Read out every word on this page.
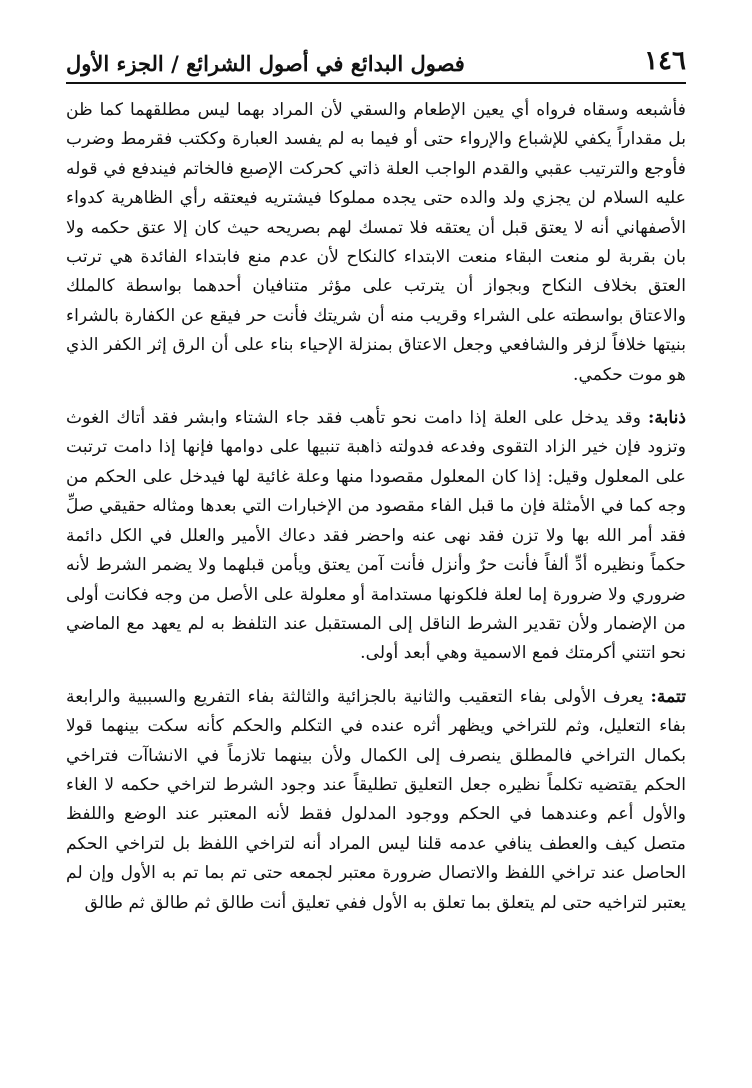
١٤٦
فصول البدائع في أصول الشرائع / الجزء الأول

فأشبعه وسقاه فرواه أي يعين الإطعام والسقي لأن المراد بهما ليس مطلقهما كما ظن بل مقداراً يكفي للإشباع والإرواء حتى أو فيما به لم يفسد العبارة وككتب فقرمط وضرب فأوجع والترتيب عقبي والقدم الواجب العلة ذاتي كحركت الإصبع فالخاتم فيندفع في قوله عليه السلام لن يجزي ولد والده حتى يجده مملوكا فيشتريه فيعتقه رأي الظاهرية كدواء الأصفهاني أنه لا يعتق قبل أن يعتقه فلا تمسك لهم بصريحه حيث كان إلا عتق حكمه ولا بان بقربة لو منعت البقاء منعت الابتداء كالنكاح لأن عدم منع فابتداء الفائدة هي ترتب العتق بخلاف النكاح وبجواز أن يترتب على مؤثر متنافيان أحدهما بواسطة كالملك والاعتاق بواسطته على الشراء وقريب منه أن شريتك فأنت حر فيقع عن الكفارة بالشراء بنيتها خلافاً لزفر والشافعي وجعل الاعتاق بمنزلة الإحياء بناء على أن الرق إثر الكفر الذي هو موت حكمي.

ذنابة: وقد يدخل على العلة إذا دامت نحو تأهب فقد جاء الشتاء وابشر فقد أتاك الغوث وتزود فإن خير الزاد التقوى وفدعه فدولته ذاهبة تنبيها على دوامها فإنها إذا دامت ترتبت على المعلول وقيل: إذا كان المعلول مقصودا منها وعلة غائية لها فيدخل على الحكم من وجه كما في الأمثلة فإن ما قبل الفاء مقصود من الإخبارات التي بعدها ومثاله حقيقي صلِّ فقد أمر الله بها ولا تزن فقد نهى عنه واحضر فقد دعاك الأمير والعلل في الكل دائمة حكماً ونظيره أدِّ ألفاً فأنت حرٌ وأنزل فأنت آمن يعتق ويأمن قبلهما ولا يضمر الشرط لأنه ضروري ولا ضرورة إما لعلة فلكونها مستدامة أو معلولة على الأصل من وجه فكانت أولى من الإضمار ولأن تقدير الشرط الناقل إلى المستقبل عند التلفظ به لم يعهد مع الماضي نحو اتتني أكرمتك فمع الاسمية وهي أبعد أولى.

تتمة: يعرف الأولى بفاء التعقيب والثانية بالجزائية والثالثة بفاء التفريع والسببية والرابعة بفاء التعليل، وثم للتراخي ويظهر أثره عنده في التكلم والحكم كأنه سكت بينهما قولا بكمال التراخي فالمطلق ينصرف إلى الكمال ولأن بينهما تلازماً في الانشاآت فتراخي الحكم يقتضيه تكلماً نظيره جعل التعليق تطليقاً عند وجود الشرط لتراخي حكمه لا الغاء والأول أعم وعندهما في الحكم ووجود المدلول فقط لأنه المعتبر عند الوضع واللفظ متصل كيف والعطف ينافي عدمه قلنا ليس المراد أنه لتراخي اللفظ بل لتراخي الحكم الحاصل عند تراخي اللفظ والاتصال ضرورة معتبر لجمعه حتى تم بما تم به الأول وإن لم يعتبر لتراخيه حتى لم يتعلق بما تعلق به الأول ففي تعليق أنت طالق ثم طالق ثم طالق
